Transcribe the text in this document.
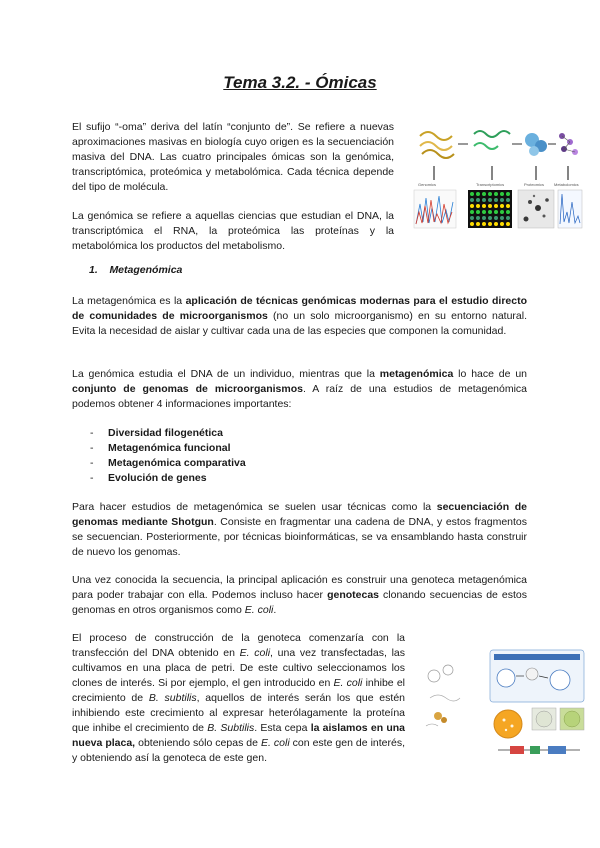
Tema 3.2. - Ómicas

El sufijo “-oma” deriva del latín “conjunto de”. Se refiere a nuevas aproximaciones masivas en biología cuyo origen es la secuenciación masiva del DNA. Las cuatro principales ómicas son la genómica, transcriptómica, proteómica y metabolómica. Cada técnica depende del tipo de molécula.

La genómica se refiere a aquellas ciencias que estudian el DNA, la transcriptómica el RNA, la proteómica las proteínas y la metabolómica los productos del metabolismo.

Genomics	Transcriptomics	Proteomics Metabolomics
1. Metagenómica

La metagenómica es la aplicación de técnicas genómicas modernas para el estudio directo de comunidades de microorganismos (no un solo microorganismo) en su entorno natural. Evita la necesidad de aislar y cultivar cada una de las especies que componen la comunidad.

La genómica estudia el DNA de un individuo, mientras que la metagenómica lo hace de un conjunto de genomas de microorganismos. A raíz de una estudios de metagenómica podemos obtener 4 informaciones importantes:

- Diversidad filogenética
- Metagenómica funcional
- Metagenómica comparativa
- Evolución de genes

Para hacer estudios de metagenómica se suelen usar técnicas como la secuenciación de genomas mediante Shotgun. Consiste en fragmentar una cadena de DNA, y estos fragmentos se secuencian. Posteriormente, por técnicas bioinformáticas, se va ensamblando hasta construir de nuevo los genomas.

Una vez conocida la secuencia, la principal aplicación es construir una genoteca metagenómica para poder trabajar con ella. Podemos incluso hacer genotecas clonando secuencias de estos genomas en otros organismos como E. coli.

El proceso de construcción de la genoteca comenzaría con la transfección del DNA obtenido en E. coli, una vez transfectadas, las cultivamos en una placa de petri. De este cultivo seleccionamos los clones de interés. Si por ejemplo, el gen introducido en E. coli inhibe el crecimiento de B. subtilis, aquellos de interés serán los que estén inhibiendo este crecimiento al expresar heterólagamente la proteína que inhibe el crecimiento de B. Subtilis. Esta cepa la aislamos en una nueva placa, obteniendo sólo cepas de E. coli con este gen de interés, y obteniendo así la genoteca de este gen.
